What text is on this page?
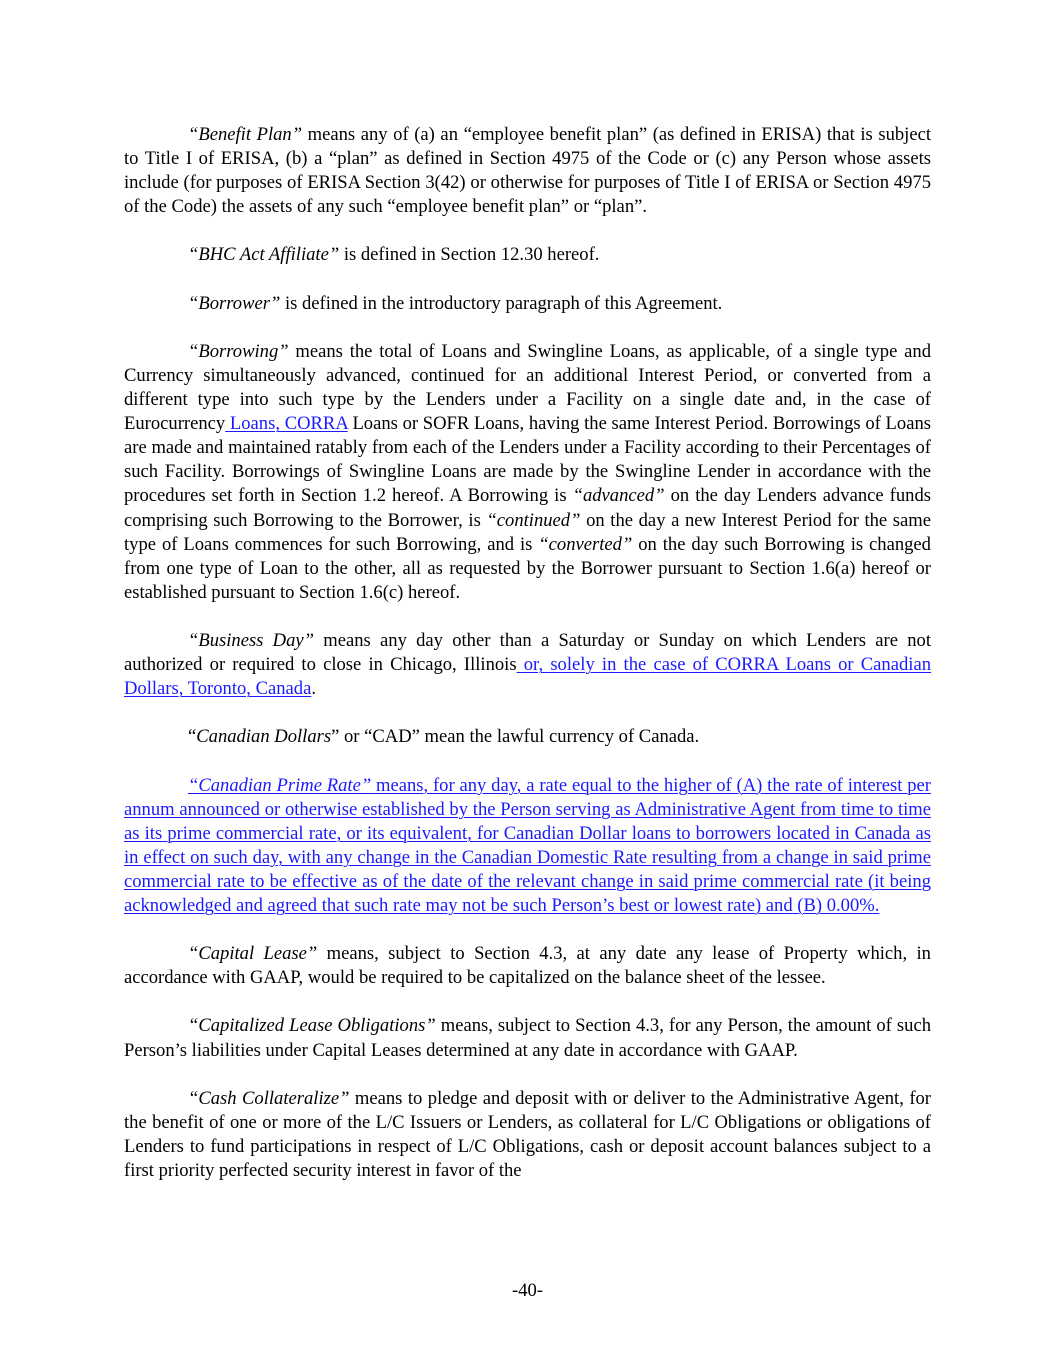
“Benefit Plan” means any of (a) an “employee benefit plan” (as defined in ERISA) that is subject to Title I of ERISA, (b) a “plan” as defined in Section 4975 of the Code or (c) any Person whose assets include (for purposes of ERISA Section 3(42) or otherwise for purposes of Title I of ERISA or Section 4975 of the Code) the assets of any such “employee benefit plan” or “plan”.

“BHC Act Affiliate” is defined in Section 12.30 hereof.

“Borrower” is defined in the introductory paragraph of this Agreement.

“Borrowing” means the total of Loans and Swingline Loans, as applicable, of a single type and Currency simultaneously advanced, continued for an additional Interest Period, or converted from a different type into such type by the Lenders under a Facility on a single date and, in the case of Eurocurrency Loans, CORRA Loans or SOFR Loans, having the same Interest Period. Borrowings of Loans are made and maintained ratably from each of the Lenders under a Facility according to their Percentages of such Facility. Borrowings of Swingline Loans are made by the Swingline Lender in accordance with the procedures set forth in Section 1.2 hereof. A Borrowing is “advanced” on the day Lenders advance funds comprising such Borrowing to the Borrower, is “continued” on the day a new Interest Period for the same type of Loans commences for such Borrowing, and is “converted” on the day such Borrowing is changed from one type of Loan to the other, all as requested by the Borrower pursuant to Section 1.6(a) hereof or established pursuant to Section 1.6(c) hereof.

“Business Day” means any day other than a Saturday or Sunday on which Lenders are not authorized or required to close in Chicago, Illinois or, solely in the case of CORRA Loans or Canadian Dollars, Toronto, Canada.

“Canadian Dollars” or “CAD” mean the lawful currency of Canada.

“Canadian Prime Rate” means, for any day, a rate equal to the higher of (A) the rate of interest per annum announced or otherwise established by the Person serving as Administrative Agent from time to time as its prime commercial rate, or its equivalent, for Canadian Dollar loans to borrowers located in Canada as in effect on such day, with any change in the Canadian Domestic Rate resulting from a change in said prime commercial rate to be effective as of the date of the relevant change in said prime commercial rate (it being acknowledged and agreed that such rate may not be such Person’s best or lowest rate) and (B) 0.00%.

“Capital Lease” means, subject to Section 4.3, at any date any lease of Property which, in accordance with GAAP, would be required to be capitalized on the balance sheet of the lessee.

“Capitalized Lease Obligations” means, subject to Section 4.3, for any Person, the amount of such Person’s liabilities under Capital Leases determined at any date in accordance with GAAP.

“Cash Collateralize” means to pledge and deposit with or deliver to the Administrative Agent, for the benefit of one or more of the L/C Issuers or Lenders, as collateral for L/C Obligations or obligations of Lenders to fund participations in respect of L/C Obligations, cash or deposit account balances subject to a first priority perfected security interest in favor of the

-40-
